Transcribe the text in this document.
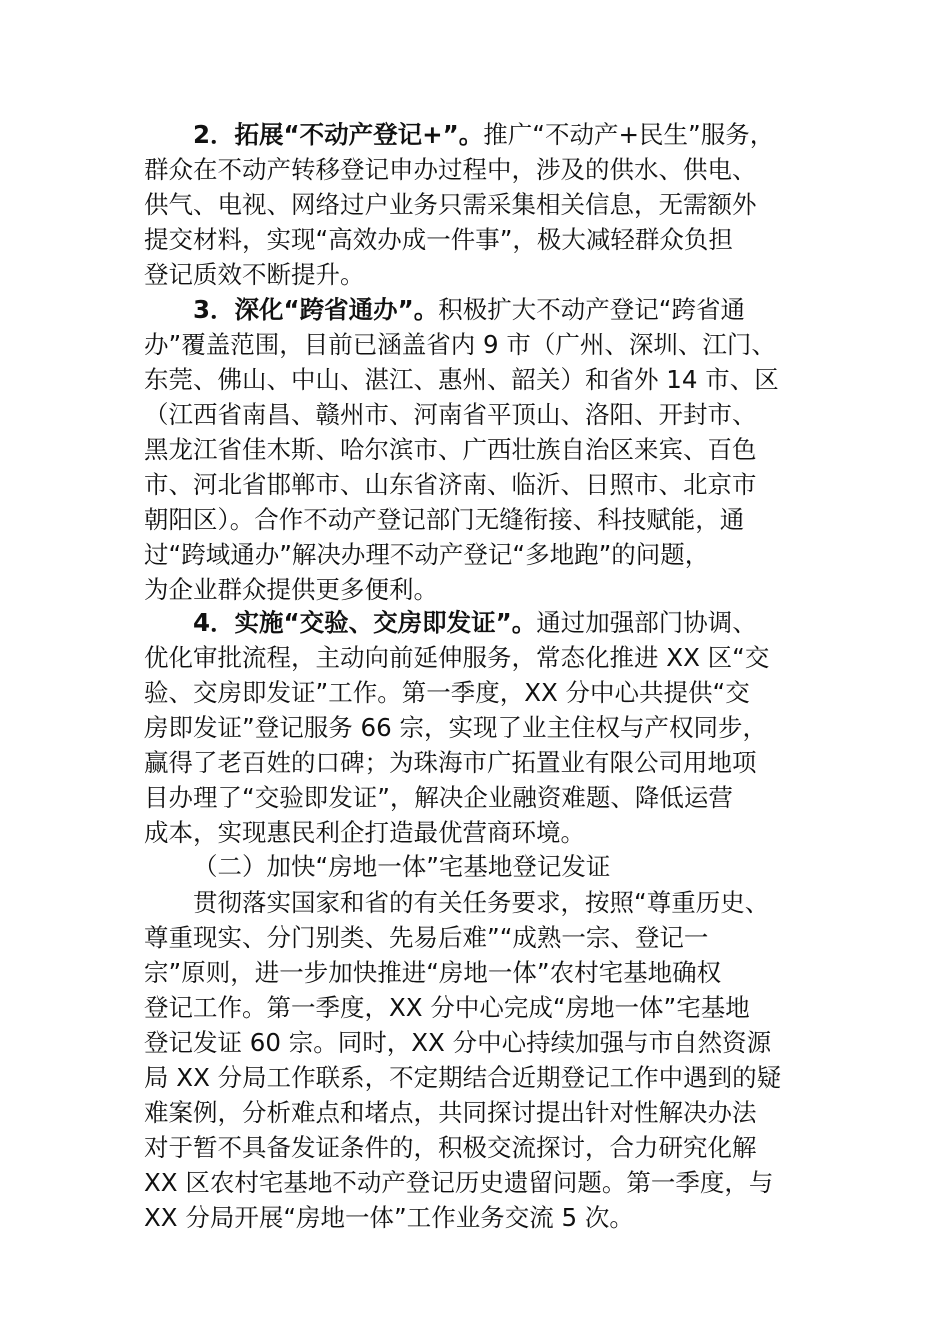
2．拓展“不动产登记+”。推广“不动产+民生”服务，
群众在不动产转移登记申办过程中，涉及的供水、供电、
供气、电视、网络过户业务只需采集相关信息，无需额外
提交材料，实现“高效办成一件事”，极大减轻群众负担
登记质效不断提升。
3．深化“跨省通办”。积极扩大不动产登记“跨省通
办”覆盖范围，目前已涵盖省内 9 市（广州、深圳、江门、
东莞、佛山、中山、湛江、惠州、韶关）和省外 14 市、区
（江西省南昌、赣州市、河南省平顶山、洛阳、开封市、
黑龙江省佳木斯、哈尔滨市、广西壮族自治区来宾、百色
市、河北省邯郸市、山东省济南、临沂、日照市、北京市
朝阳区）。合作不动产登记部门无缝衔接、科技赋能，通
过“跨域通办”解决办理不动产登记“多地跑”的问题，
为企业群众提供更多便利。
4．实施“交验、交房即发证”。通过加强部门协调、
优化审批流程，主动向前延伸服务，常态化推进 XX 区“交
验、交房即发证”工作。第一季度，XX 分中心共提供“交
房即发证”登记服务 66 宗，实现了业主住权与产权同步，
赢得了老百姓的口碑；为珠海市广拓置业有限公司用地项
目办理了“交验即发证”，解决企业融资难题、降低运营
成本，实现惠民利企打造最优营商环境。
（二）加快“房地一体”宅基地登记发证
贯彻落实国家和省的有关任务要求，按照“尊重历史、
尊重现实、分门别类、先易后难”“成熟一宗、登记一
宗”原则，进一步加快推进“房地一体”农村宅基地确权
登记工作。第一季度，XX 分中心完成“房地一体”宅基地
登记发证 60 宗。同时，XX 分中心持续加强与市自然资源
局 XX 分局工作联系，不定期结合近期登记工作中遇到的疑
难案例，分析难点和堵点，共同探讨提出针对性解决办法
对于暂不具备发证条件的，积极交流探讨，合力研究化解
XX 区农村宅基地不动产登记历史遗留问题。第一季度，与
XX 分局开展“房地一体”工作业务交流 5 次。
